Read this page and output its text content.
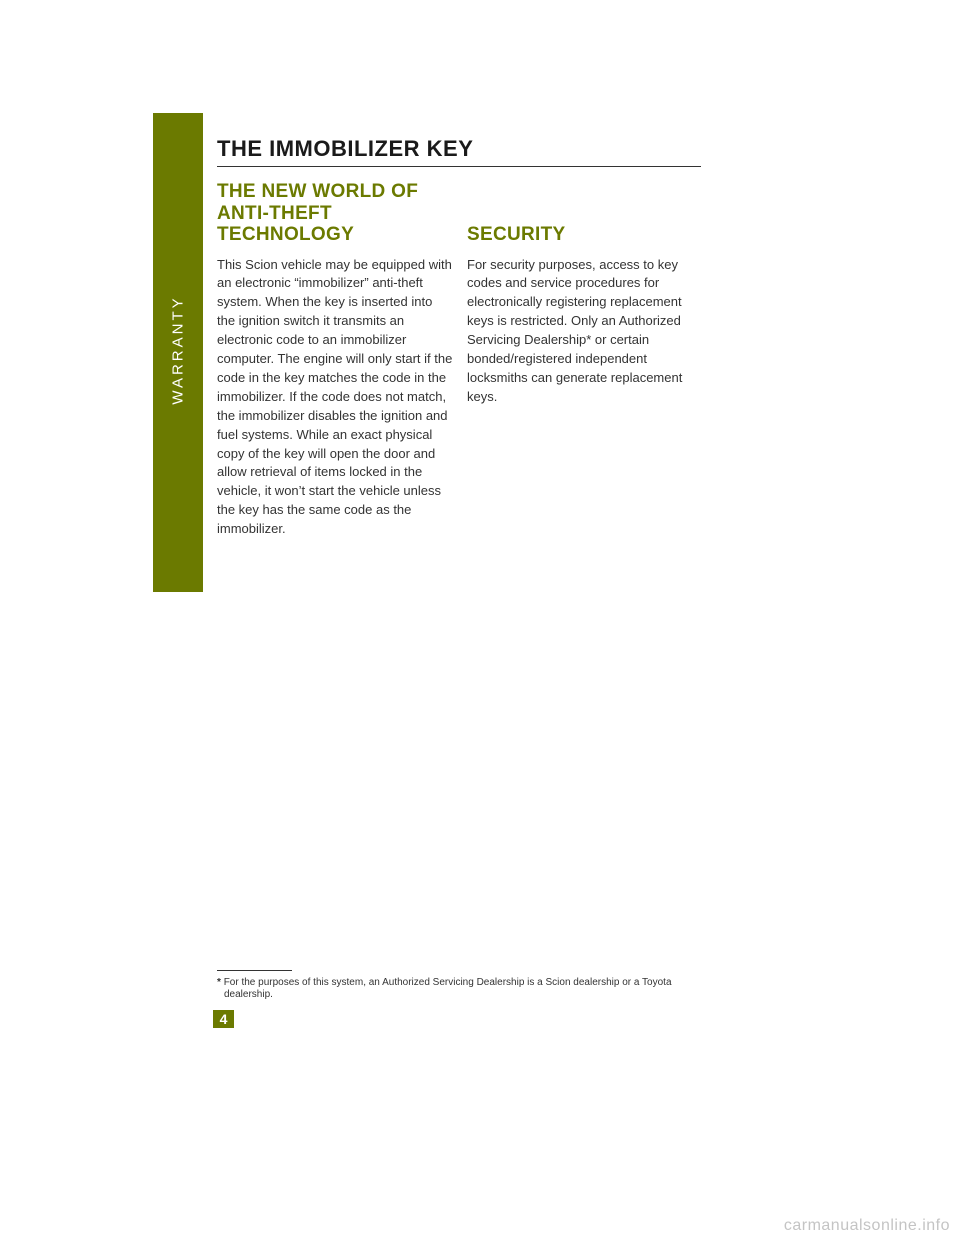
WARRANTY
THE IMMOBILIZER KEY
THE NEW WORLD OF ANTI-THEFT TECHNOLOGY

This Scion vehicle may be equipped with an electronic “immobilizer” anti-theft system. When the key is inserted into the ignition switch it transmits an electronic code to an immobilizer computer. The engine will only start if the code in the key matches the code in the immobilizer. If the code does not match, the immobilizer disables the ignition and fuel systems. While an exact physical copy of the key will open the door and allow retrieval of items locked in the vehicle, it won’t start the vehicle unless the key has the same code as the immobilizer.

SECURITY

For security purposes, access to key codes and service procedures for electronically registering replacement keys is restricted. Only an Authorized Servicing Dealership* or certain bonded/registered independent locksmiths can generate replacement keys.

* For the purposes of this system, an Authorized Servicing Dealership is a Scion dealership or a Toyota dealership.
4
carmanualsonline.info
